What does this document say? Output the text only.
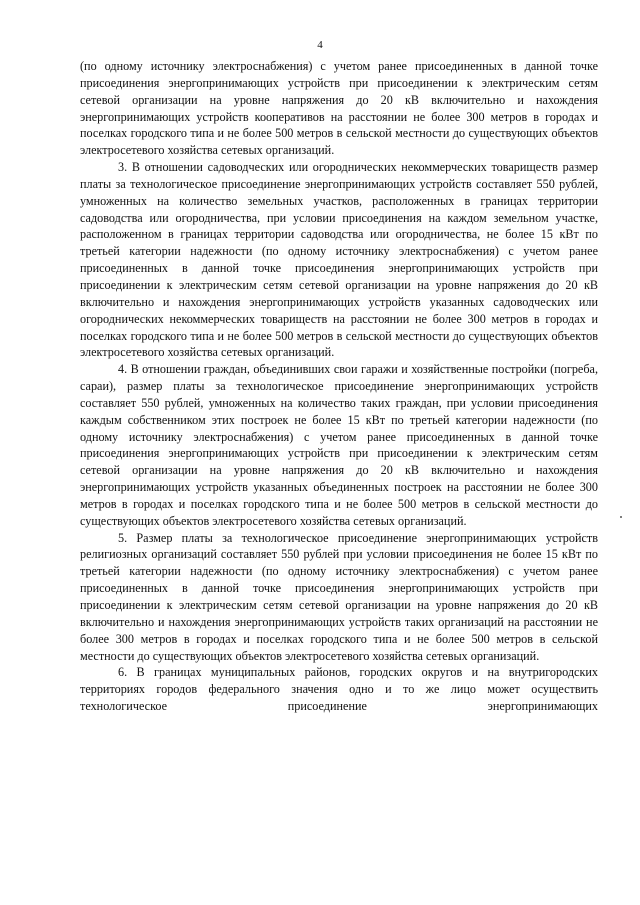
4

(по одному источнику электроснабжения) с учетом ранее присоединенных в данной точке присоединения энергопринимающих устройств при присоединении к электрическим сетям сетевой организации на уровне напряжения до 20 кВ включительно и нахождения энергопринимающих устройств кооперативов на расстоянии не более 300 метров в городах и поселках городского типа и не более 500 метров в сельской местности до существующих объектов электросетевого хозяйства сетевых организаций.

3. В отношении садоводческих или огороднических некоммерческих товариществ размер платы за технологическое присоединение энергопринимающих устройств составляет 550 рублей, умноженных на количество земельных участков, расположенных в границах территории садоводства или огородничества, при условии присоединения на каждом земельном участке, расположенном в границах территории садоводства или огородничества, не более 15 кВт по третьей категории надежности (по одному источнику электроснабжения) с учетом ранее присоединенных в данной точке присоединения энергопринимающих устройств при присоединении к электрическим сетям сетевой организации на уровне напряжения до 20 кВ включительно и нахождения энергопринимающих устройств указанных садоводческих или огороднических некоммерческих товариществ на расстоянии не более 300 метров в городах и поселках городского типа и не более 500 метров в сельской местности до существующих объектов электросетевого хозяйства сетевых организаций.

4. В отношении граждан, объединивших свои гаражи и хозяйственные постройки (погреба, сараи), размер платы за технологическое присоединение энергопринимающих устройств составляет 550 рублей, умноженных на количество таких граждан, при условии присоединения каждым собственником этих построек не более 15 кВт по третьей категории надежности (по одному источнику электроснабжения) с учетом ранее присоединенных в данной точке присоединения энергопринимающих устройств при присоединении к электрическим сетям сетевой организации на уровне напряжения до 20 кВ включительно и нахождения энергопринимающих устройств указанных объединенных построек на расстоянии не более 300 метров в городах и поселках городского типа и не более 500 метров в сельской местности до существующих объектов электросетевого хозяйства сетевых организаций.

5. Размер платы за технологическое присоединение энергопринимающих устройств религиозных организаций составляет 550 рублей при условии присоединения не более 15 кВт по третьей категории надежности (по одному источнику электроснабжения) с учетом ранее присоединенных в данной точке присоединения энергопринимающих устройств при присоединении к электрическим сетям сетевой организации на уровне напряжения до 20 кВ включительно и нахождения энергопринимающих устройств таких организаций на расстоянии не более 300 метров в городах и поселках городского типа и не более 500 метров в сельской местности до существующих объектов электросетевого хозяйства сетевых организаций.

6. В границах муниципальных районов, городских округов и на внутригородских территориях городов федерального значения одно и то же лицо может осуществить технологическое присоединение энергопринимающих
